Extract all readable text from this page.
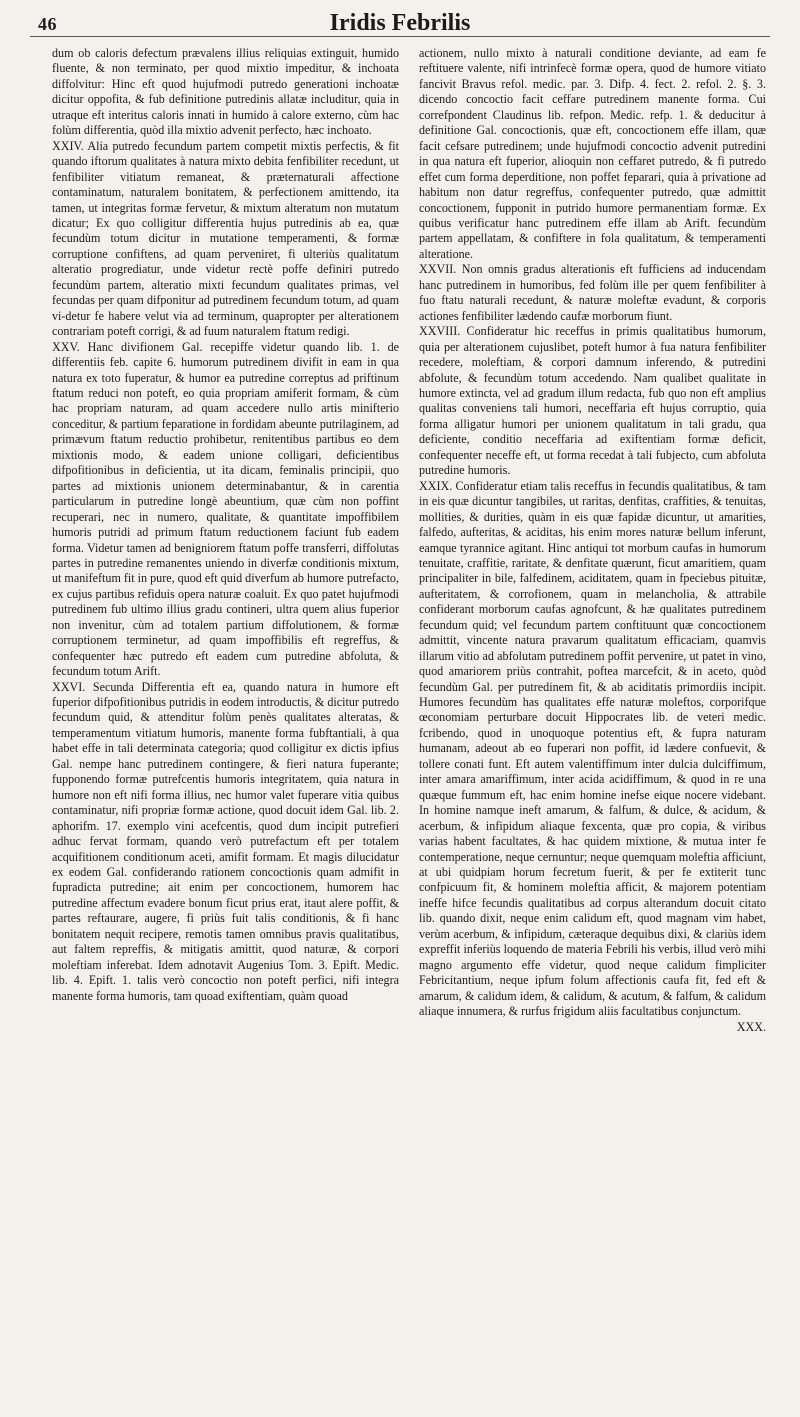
46	Iridis Febrilis

dum ob caloris defectum prævalens illius reliquias extinguit, humido fluente, & non terminato, per quod mixtio impeditur, & inchoata diffolvitur: Hinc eft quod hujufmodi putredo generationi inchoatæ dicitur oppofita, & fub definitione putredinis allatæ includitur, quia in utraque eft interitus caloris innati in humido à calore externo, cùm hac folùm differentia, quòd illa mixtio advenit perfecto, hæc inchoato.

XXIV. Alia putredo fecundum partem competit mixtis perfectis, & fit quando iftorum qualitates à natura mixto debita fenfibiliter recedunt, ut fenfibiliter vitiatum remaneat, & præternaturali affectione contaminatum, naturalem bonitatem, & perfectionem amittendo, ita tamen, ut integritas formæ fervetur, & mixtum alteratum non mutatum dicatur; Ex quo colligitur differentia hujus putredinis ab ea, quæ fecundùm totum dicitur in mutatione temperamenti, & formæ corruptione confiftens, ad quam perveniret, fi ulteriùs qualitatum alteratio progrediatur, unde videtur rectè poffe definiri putredo fecundùm partem, alteratio mixti fecundum qualitates primas, vel fecundas per quam difponitur ad putredinem fecundum totum, ad quam vi-detur fe habere velut via ad terminum, quapropter per alterationem contrariam poteft corrigi, & ad fuum naturalem ftatum redigi.

XXV. Hanc divifionem Gal. recepiffe videtur quando lib. 1. de differentiis feb. capite 6. humorum putredinem divifit in eam in qua natura ex toto fuperatur, & humor ea putredine correptus ad priftinum ftatum reduci non poteft, eo quia propriam amiferit formam, & cùm hac propriam naturam, ad quam accedere nullo artis minifterio conceditur, & partium feparatione in fordidam abeunte putrilaginem, ad primævum ftatum reductio prohibetur, renitentibus partibus eo dem mixtionis modo, & eadem unione colligari, deficientibus difpofitionibus in deficientia, ut ita dicam, feminalis principii, quo partes ad mixtionis unionem determinabantur, & in carentia particularum in putredine longè abeuntium, quæ cùm non poffint recuperari, nec in numero, qualitate, & quantitate impoffibilem humoris putridi ad primum ftatum reductionem faciunt fub eadem forma. Videtur tamen ad benigniorem ftatum poffe transferri, diffolutas partes in putredine remanentes uniendo in diverfæ conditionis mixtum, ut manifeftum fit in pure, quod eft quid diverfum ab humore putrefacto, ex cujus partibus refiduis opera naturæ coaluit. Ex quo patet hujufmodi putredinem fub ultimo illius gradu contineri, ultra quem alius fuperior non invenitur, cùm ad totalem partium diffolutionem, & formæ corruptionem terminetur, ad quam impoffibilis eft regreffus, & confequenter hæc putredo eft eadem cum putredine abfoluta, & fecundum totum Arift.

XXVI. Secunda Differentia eft ea, quando natura in humore eft fuperior difpofitionibus putridis in eodem introductis, & dicitur putredo fecundum quid, & attenditur folùm penès qualitates alteratas, & temperamentum vitiatum humoris, manente forma fubftantiali, à qua habet effe in tali determinata categoria; quod colligitur ex dictis ipfius Gal. nempe hanc putredinem contingere, & fieri natura fuperante; fupponendo formæ putrefcentis humoris integritatem, quia natura in humore non eft nifi forma illius, nec humor valet fuperare vitia quibus contaminatur, nifi propriæ formæ actione, quod docuit idem Gal. lib. 2. aphorifm. 17. exemplo vini acefcentis, quod dum incipit putrefieri adhuc fervat formam, quando verò putrefactum eft per totalem acquifitionem conditionum aceti, amifit formam. Et magis dilucidatur ex eodem Gal. confiderando rationem concoctionis quam admifit in fupradicta putredine; ait enim per concoctionem, humorem hac putredine affectum evadere bonum ficut prius erat, itaut alere poffit, & partes reftaurare, augere, fi priùs fuit talis conditionis, & fi hanc bonitatem nequit recipere, remotis tamen omnibus pravis qualitatibus, aut faltem repreffis, & mitigatis amittit, quod naturæ, & corpori moleftiam inferebat. Idem adnotavit Augenius Tom. 3. Epift. Medic. lib. 4. Epift. 1. talis verò concoctio non poteft perfici, nifi integra manente forma humoris, tam quoad exiftentiam, quàm quoad

actionem, nullo mixto à naturali conditione deviante, ad eam fe reftituere valente, nifi intrinfecè formæ opera, quod de humore vitiato fancivit Bravus refol. medic. par. 3. Difp. 4. fect. 2. refol. 2. §. 3. dicendo concoctio facit ceffare putredinem manente forma. Cui correfpondent Claudinus lib. refpon. Medic. refp. 1. & deducitur à definitione Gal. concoctionis, quæ eft, concoctionem effe illam, quæ facit cefsare putredinem; unde hujufmodi concoctio advenit putredini in qua natura eft fuperior, alioquin non ceffaret putredo, & fi putredo effet cum forma deperditione, non poffet feparari, quia à privatione ad habitum non datur regreffus, confequenter putredo, quæ admittit concoctionem, fupponit in putrido humore permanentiam formæ. Ex quibus verificatur hanc putredinem effe illam ab Arift. fecundùm partem appellatam, & confiftere in fola qualitatum, & temperamenti alteratione.

XXVII. Non omnis gradus alterationis eft fufficiens ad inducendam hanc putredinem in humoribus, fed folùm ille per quem fenfibiliter à fuo ftatu naturali recedunt, & naturæ moleftæ evadunt, & corporis actiones fenfibiliter lædendo caufæ morborum fiunt.

XXVIII. Confideratur hic receffus in primis qualitatibus humorum, quia per alterationem cujuslibet, poteft humor à fua natura fenfibiliter recedere, moleftiam, & corpori damnum inferendo, & putredini abfolute, & fecundùm totum accedendo. Nam qualibet qualitate in humore extincta, vel ad gradum illum redacta, fub quo non eft amplius qualitas conveniens tali humori, neceffaria eft hujus corruptio, quia forma alligatur humori per unionem qualitatum in tali gradu, qua deficiente, conditio neceffaria ad exiftentiam formæ deficit, confequenter neceffe eft, ut forma recedat à tali fubjecto, cum abfoluta putredine humoris.

XXIX. Confideratur etiam talis receffus in fecundis qualitatibus, & tam in eis quæ dicuntur tangibiles, ut raritas, denfitas, craffities, & tenuitas, mollities, & durities, quàm in eis quæ fapidæ dicuntur, ut amarities, falfedo, aufteritas, & aciditas, his enim mores naturæ bellum inferunt, eamque tyrannice agitant. Hinc antiqui tot morbum caufas in humorum tenuitate, craffitie, raritate, & denfitate quærunt, ficut amaritiem, quam principaliter in bile, falfedinem, aciditatem, quam in fpeciebus pituitæ, aufteritatem, & corrofionem, quam in melancholia, & attrabile confiderant morborum caufas agnofcunt, & hæ qualitates putredinem fecundum quid; vel fecundum partem conftituunt quæ concoctionem admittit, vincente natura pravarum qualitatum efficaciam, quamvis illarum vitio ad abfolutam putredinem poffit pervenire, ut patet in vino, quod amariorem priùs contrahit, poftea marcefcit, & in aceto, quòd fecundùm Gal. per putredinem fit, & ab aciditatis primordiis incipit. Humores fecundùm has qualitates effe naturæ moleftos, corporifque œconomiam perturbare docuit Hippocrates lib. de veteri medic. fcribendo, quod in unoquoque potentius eft, & fupra naturam humanam, adeout ab eo fuperari non poffit, id lædere confuevit, & tollere conati funt. Eft autem valentiffimum inter dulcia dulciffimum, inter amara amariffimum, inter acida acidiffimum, & quod in re una quæque fummum eft, hac enim homine inefse eique nocere videbant. In homine namque ineft amarum, & falfum, & dulce, & acidum, & acerbum, & infipidum aliaque fexcenta, quæ pro copia, & viribus varias habent facultates, & hac quidem mixtione, & mutua inter fe contemperatione, neque cernuntur; neque quemquam moleftia afficiunt, at ubi quidpiam horum fecretum fuerit, & per fe extiterit tunc confpicuum fit, & hominem moleftia afficit, & majorem potentiam ineffe hifce fecundis qualitatibus ad corpus alterandum docuit citato lib. quando dixit, neque enim calidum eft, quod magnam vim habet, verùm acerbum, & infipidum, cæteraque dequibus dixi, & clariùs idem expreffit inferiùs loquendo de materia Febrili his verbis, illud verò mihi magno argumento effe videtur, quod neque calidum fimpliciter Febricitantium, neque ipfum folum affectionis caufa fit, fed eft & amarum, & calidum idem, & calidum, & acutum, & falfum, & calidum aliaque innumera, & rurfus frigidum aliis facultatibus conjunctum.

XXX.
